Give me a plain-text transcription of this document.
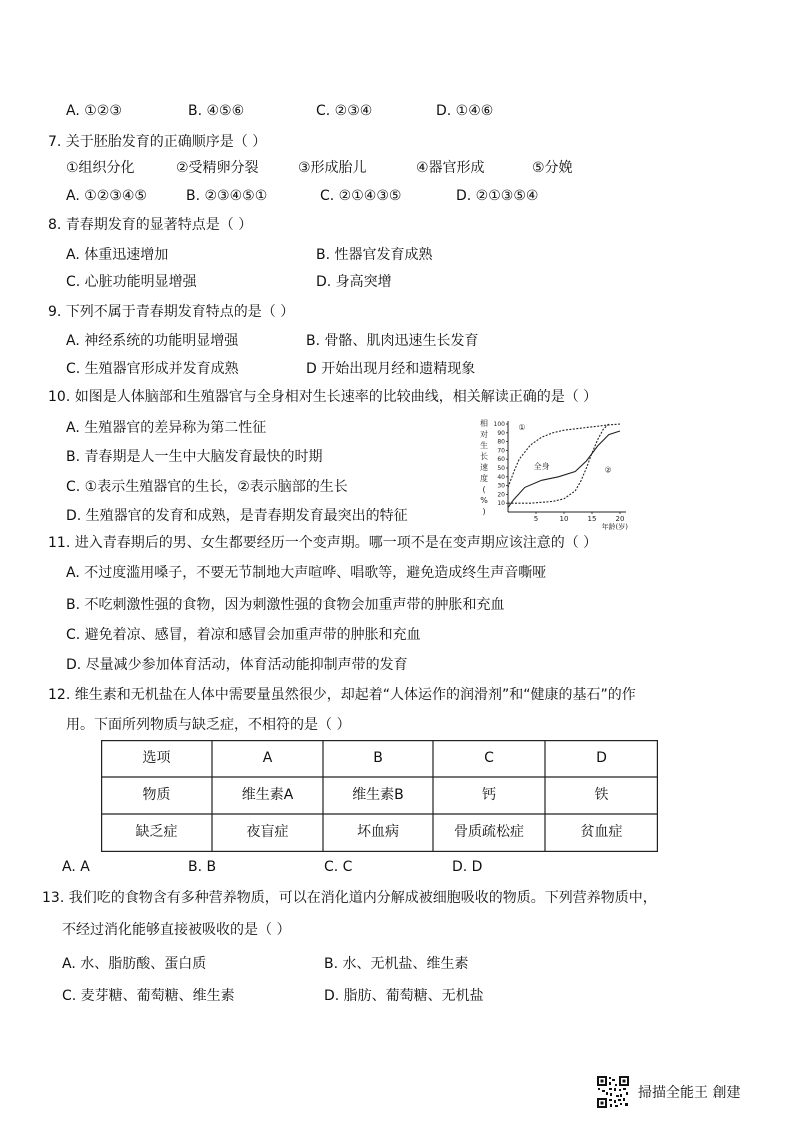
A. ①②③	B. ④⑤⑥	C. ②③④	D. ①④⑥
7. 关于胚胎发育的正确顺序是（ ）
①组织分化	②受精卵分裂	③形成胎儿	④器官形成	⑤分娩
A. ①②③④⑤	B. ②③④⑤①	C. ②①④③⑤	D. ②①③⑤④
8. 青春期发育的显著特点是（ ）
A. 体重迅速增加	B. 性器官发育成熟
C. 心脏功能明显增强	D. 身高突增
9. 下列不属于青春期发育特点的是（ ）
A. 神经系统的功能明显增强	B. 骨骼、肌肉迅速生长发育
C. 生殖器官形成并发育成熟	D 开始出现月经和遗精现象
10. 如图是人体脑部和生殖器官与全身相对生长速率的比较曲线，相关解读正确的是（ ）
A. 生殖器官的差异称为第二性征
B. 青春期是人一生中大脑发育最快的时期
C. ①表示生殖器官的生长，②表示脑部的生长
D. 生殖器官的发育和成熟，是青春期发育最突出的特征
10
20
30
40
50
60
70
80
90
100
5	10	15	20
年龄(岁)
相
对
生
长
速
度
(
%
)
①
全身	②
11. 进入青春期后的男、女生都要经历一个变声期。哪一项不是在变声期应该注意的（ ）
A. 不过度滥用嗓子，不要无节制地大声喧哗、唱歌等，避免造成终生声音嘶哑
B. 不吃刺激性强的食物，因为刺激性强的食物会加重声带的肿胀和充血
C. 避免着凉、感冒，着凉和感冒会加重声带的肿胀和充血
D. 尽量减少参加体育活动，体育活动能抑制声带的发育
12. 维生素和无机盐在人体中需要量虽然很少，却起着“人体运作的润滑剂”和“健康的基石”的作
用。下面所列物质与缺乏症，不相符的是（ ）
选项	A	B	C	D
物质	维生素A	维生素B	钙	铁
缺乏症	夜盲症	坏血病	骨质疏松症	贫血症
A. A	B. B	C. C	D. D
13. 我们吃的食物含有多种营养物质，可以在消化道内分解成被细胞吸收的物质。下列营养物质中，
不经过消化能够直接被吸收的是（ ）
A. 水、脂肪酸、蛋白质	B. 水、无机盐、维生素
C. 麦芽糖、葡萄糖、维生素	D. 脂肪、葡萄糖、无机盐
掃描全能王 創建
